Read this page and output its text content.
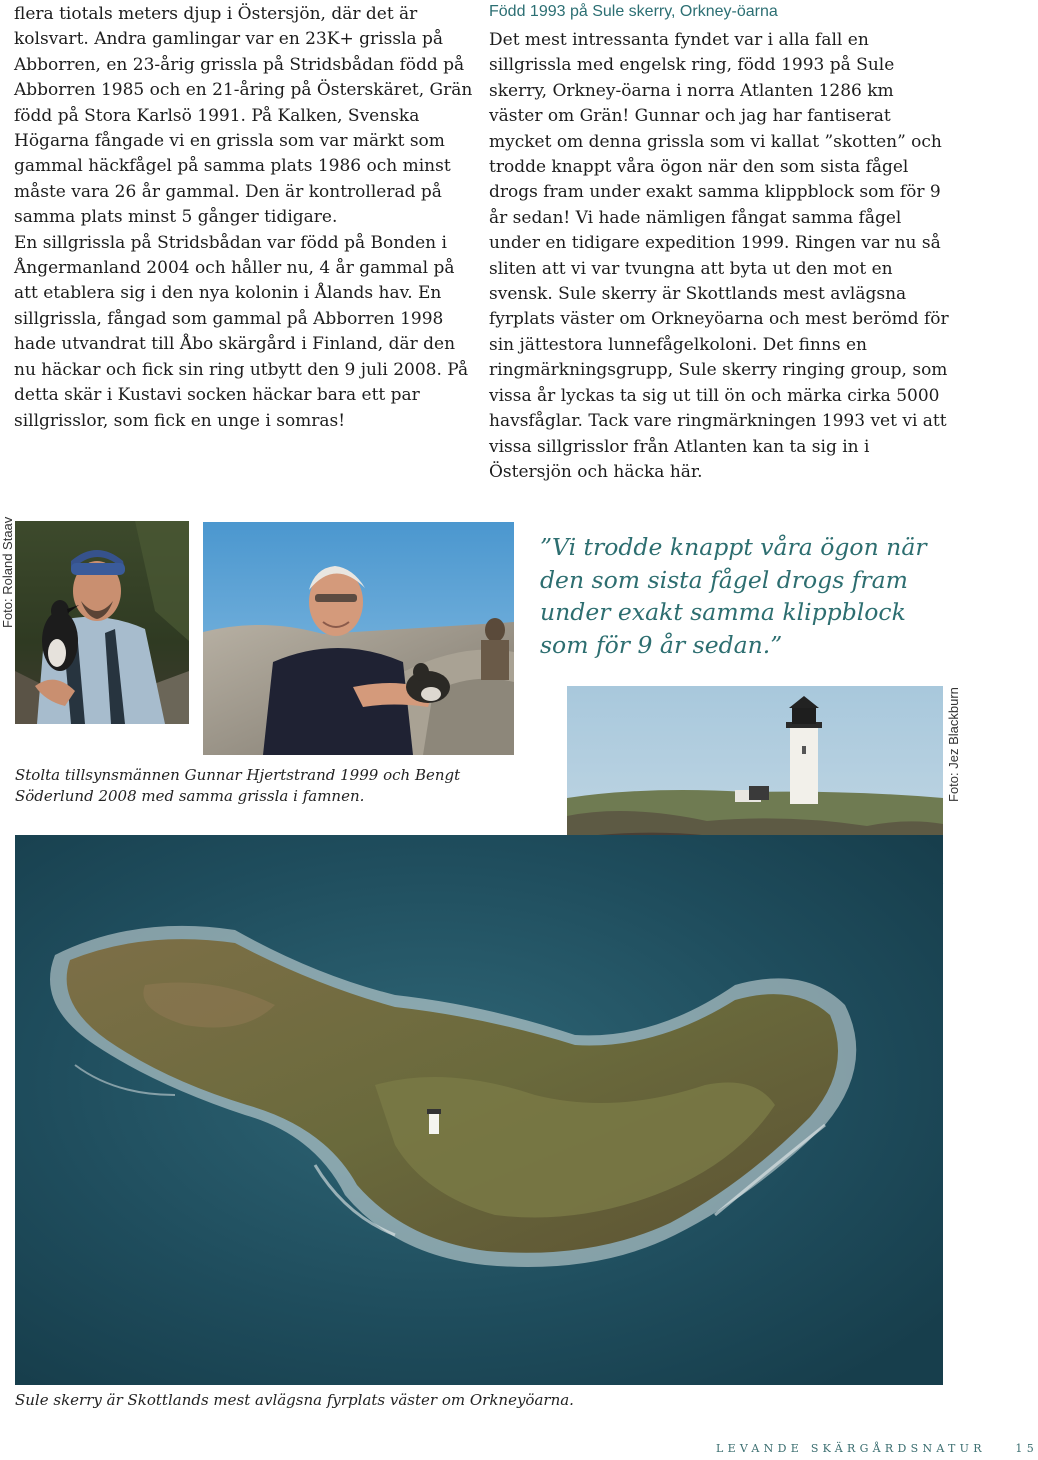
flera tiotals meters djup i Östersjön, där det är kolsvart. Andra gamlingar var en 23K+ grissla på Abborren, en 23-årig grissla på Stridsbådan född på Abborren 1985 och en 21-åring på Österskäret, Grän född på Stora Karlsö 1991. På Kalken, Svenska Högarna fångade vi en grissla som var märkt som gammal häckfågel på samma plats 1986 och minst måste vara 26 år gammal. Den är kontrollerad på samma plats minst 5 gånger tidigare.

En sillgrissla på Stridsbådan var född på Bonden i Ångermanland 2004 och håller nu, 4 år gammal på att etablera sig i den nya kolonin i Ålands hav. En sillgrissla, fångad som gammal på Abborren 1998 hade utvandrat till Åbo skärgård i Finland, där den nu häckar och fick sin ring utbytt den 9 juli 2008. På detta skär i Kustavi socken häckar bara ett par sillgrisslor, som fick en unge i somras!

Född 1993 på Sule skerry, Orkney-öarna

Det mest intressanta fyndet var i alla fall en sillgrissla med engelsk ring, född 1993 på Sule skerry, Orkney-öarna i norra Atlanten 1286 km väster om Grän! Gunnar och jag har fantiserat mycket om denna grissla som vi kallat ”skotten” och trodde knappt våra ögon när den som sista fågel drogs fram under exakt samma klippblock som för 9 år sedan! Vi hade nämligen fångat samma fågel under en tidigare expedition 1999. Ringen var nu så sliten att vi var tvungna att byta ut den mot en svensk. Sule skerry är Skottlands mest avlägsna fyrplats väster om Orkneyöarna och mest berömd för sin jättestora lunnefågelkoloni. Det finns en ringmärkningsgrupp, Sule skerry ringing group, som vissa år lyckas ta sig ut till ön och märka cirka 5000 havsfåglar. Tack vare ringmärkningen 1993 vet vi att vissa sillgrisslor från Atlanten kan ta sig in i Östersjön och häcka här.

Foto: Roland Staav
Stolta tillsynsmännen Gunnar Hjertstrand 1999 och Bengt Söderlund 2008 med samma grissla i famnen.
”Vi trodde knappt våra ögon när den som sista fågel drogs fram under exakt samma klippblock som för 9 år sedan.”
Foto: Jez Blackburn
Sule skerry är Skottlands mest avlägsna fyrplats väster om Orkneyöarna.
LEVANDE SKÄRGÅRDSNATUR	15
